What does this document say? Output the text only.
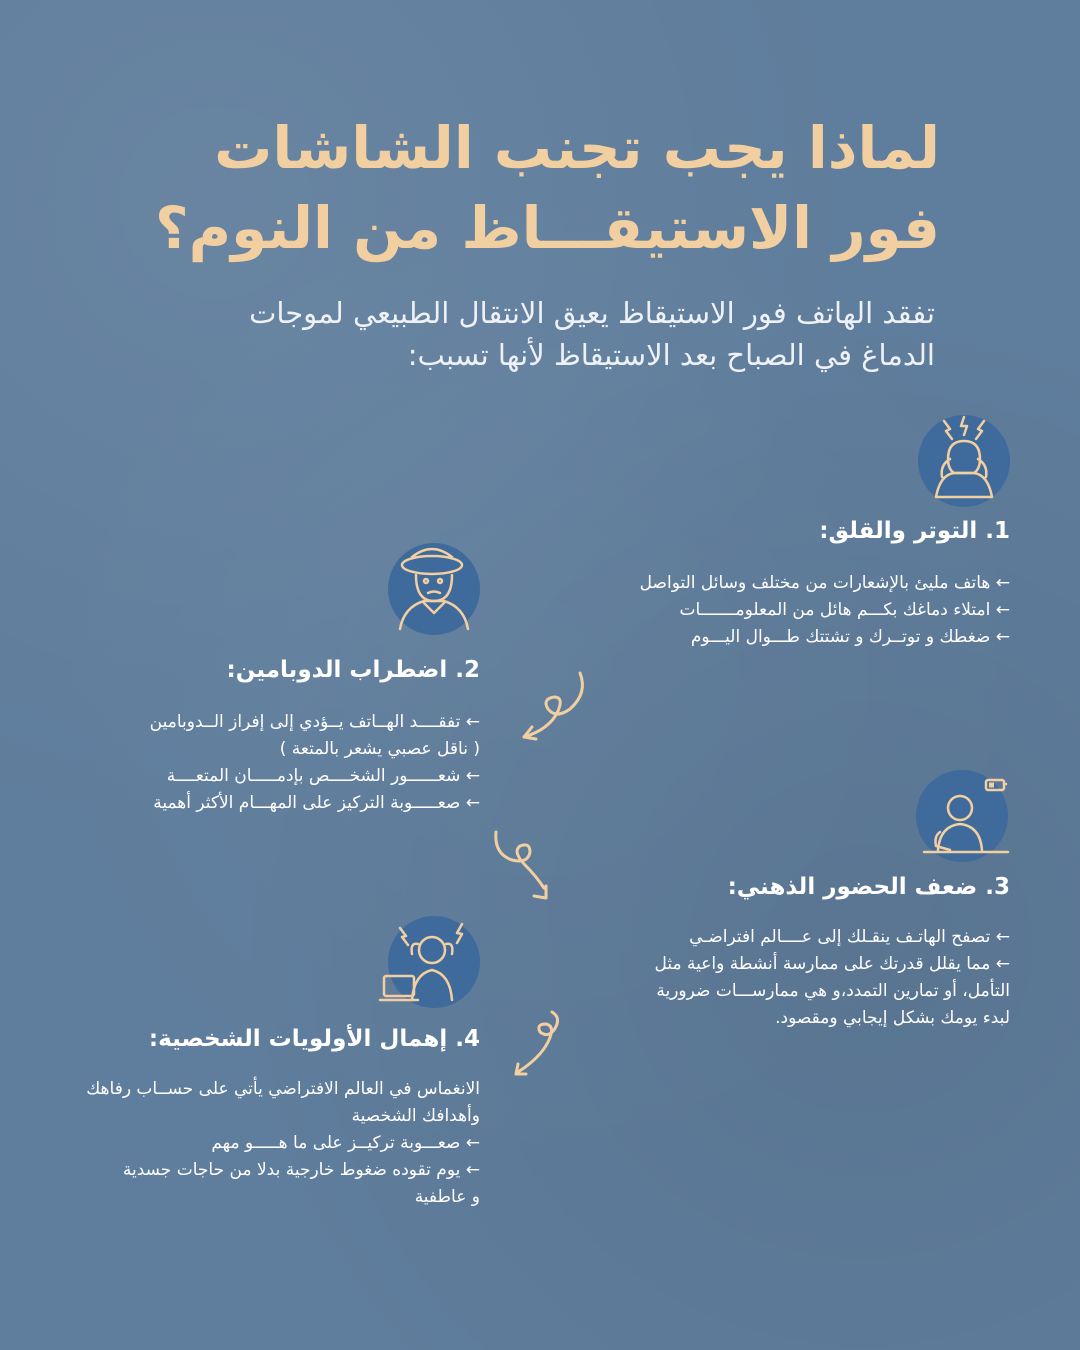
لماذا يجب تجنب الشاشات
فور الاستيقـــاظ من النوم؟
تفقد الهاتف فور الاستيقاظ يعيق الانتقال الطبيعي لموجات
الدماغ في الصباح بعد الاستيقاظ لأنها تسبب:
1. التوتر والقلق:
← هاتف مليئ بالإشعارات من مختلف وسائل التواصل
← امتلاء دماغك بكـــم هائل من المعلومـــــــات
← ضغطك و توتــرك و تشتتك طـــوال اليـــوم
2. اضطراب الدوبامين:
← تفقــــد الهــاتف يــؤدي إلى إفراز الــدوبامين
( ناقل عصبي يشعر بالمتعة )
← شعــــــور الشخــــص بإدمـــــان المتعــــة
← صعـــــوبة التركيز على المهـــام الأكثر أهمية
3. ضعف الحضور الذهني:
← تصفح الهاتـف ينقـلك إلى عــــالم افتراضـي
← مما يقلل قدرتك على ممارسة أنشطة واعية مثل
التأمل، أو تمارين التمدد،و هي ممارســـات ضرورية
لبدء يومك بشكل إيجابي ومقصود.
4. إهمال الأولويات الشخصية:
الانغماس في العالم الافتراضي يأتي على حســاب رفاهك
وأهدافك الشخصية
← صعـــوبة تركيــز على ما هـــــو مهم
← يوم تقوده ضغوط خارجية بدلا من حاجات جسدية
و عاطفية
